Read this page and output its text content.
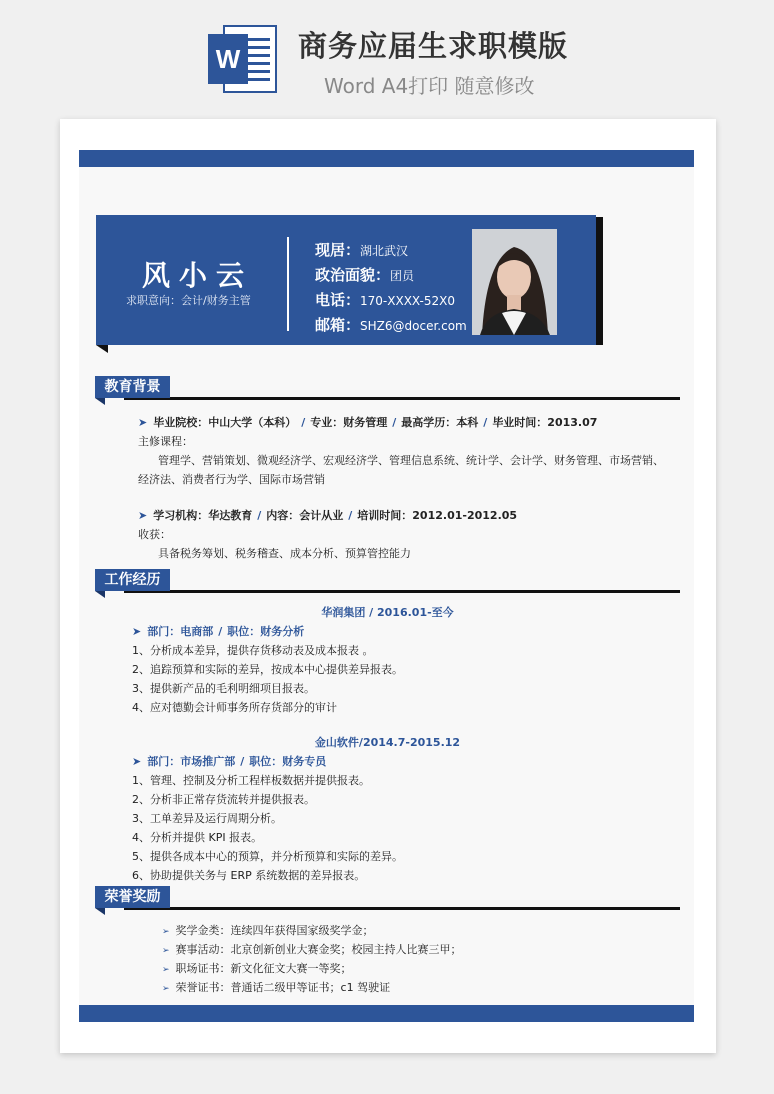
W 商务应届生求职模版
Word A4打印 随意修改
风小云
求职意向：会计/财务主管
现居：湖北武汉
政治面貌：团员
电话：170-XXXX-52X0
邮箱：SHZ6@docer.com
教育背景
➤ 毕业院校：中山大学（本科） / 专业：财务管理 / 最高学历：本科 / 毕业时间：2013.07
主修课程：
管理学、营销策划、微观经济学、宏观经济学、管理信息系统、统计学、会计学、财务管理、市场营销、
经济法、消费者行为学、国际市场营销
➤ 学习机构：华达教育 / 内容：会计从业 / 培训时间：2012.01-2012.05
收获：
具备税务筹划、税务稽查、成本分析、预算管控能力
工作经历
华润集团 / 2016.01-至今
➤ 部门：电商部 / 职位：财务分析
1、分析成本差异，提供存货移动表及成本报表 。
2、追踪预算和实际的差异，按成本中心提供差异报表。
3、提供新产品的毛利明细项目报表。
4、应对德勤会计师事务所存货部分的审计
金山软件/2014.7-2015.12
➤ 部门：市场推广部 / 职位：财务专员
1、管理、控制及分析工程样板数据并提供报表。
2、分析非正常存货流转并提供报表。
3、工单差异及运行周期分析。
4、分析并提供 KPI 报表。
5、提供各成本中心的预算，并分析预算和实际的差异。
6、协助提供关务与 ERP 系统数据的差异报表。
荣誉奖励
➢ 奖学金类：连续四年获得国家级奖学金；
➢ 赛事活动：北京创新创业大赛金奖；校园主持人比赛三甲；
➢ 职场证书：新文化征文大赛一等奖；
➢ 荣誉证书：普通话二级甲等证书；c1 驾驶证
